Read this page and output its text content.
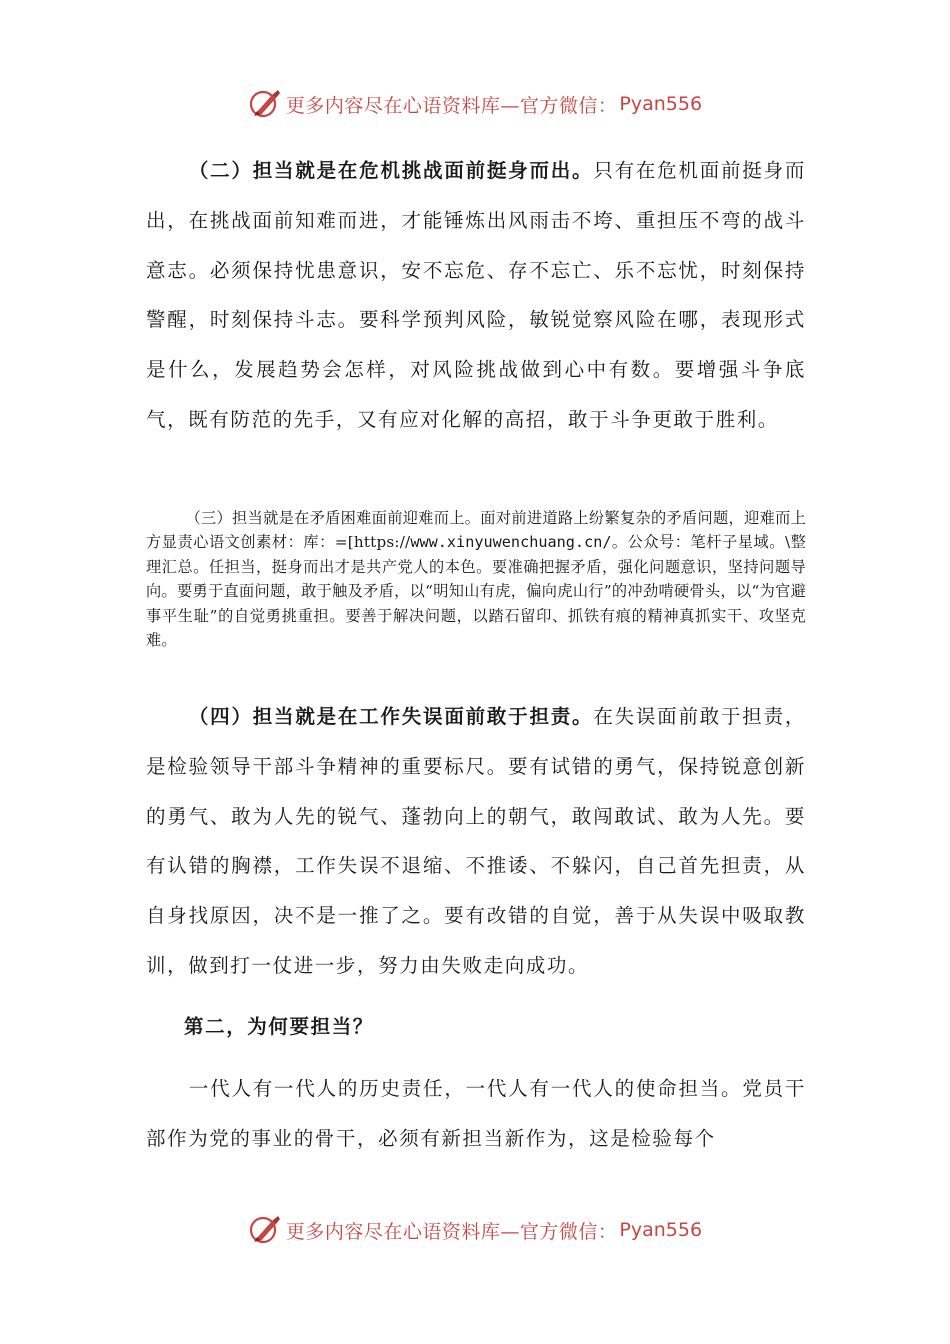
更多内容尽在心语资料库—官方微信： Pyan556

（二）担当就是在危机挑战面前挺身而出。只有在危机面前挺身而出，在挑战面前知难而进，才能锤炼出风雨击不垮、重担压不弯的战斗意志。必须保持忧患意识，安不忘危、存不忘亡、乐不忘忧，时刻保持警醒，时刻保持斗志。要科学预判风险，敏锐觉察风险在哪，表现形式是什么，发展趋势会怎样，对风险挑战做到心中有数。要增强斗争底气，既有防范的先手，又有应对化解的高招，敢于斗争更敢于胜利。

（三）担当就是在矛盾困难面前迎难而上。面对前进道路上纷繁复杂的矛盾问题，迎难而上方显责心语文创素材：库：=[https://www.xinyuwenchuang.cn/。公众号：笔杆子星域。\整理汇总。任担当，挺身而出才是共产党人的本色。要准确把握矛盾，强化问题意识，坚持问题导向。要勇于直面问题，敢于触及矛盾，以“明知山有虎，偏向虎山行”的冲劲啃硬骨头，以“为官避事平生耻”的自觉勇挑重担。要善于解决问题，以踏石留印、抓铁有痕的精神真抓实干、攻坚克难。

（四）担当就是在工作失误面前敢于担责。在失误面前敢于担责，是检验领导干部斗争精神的重要标尺。要有试错的勇气，保持锐意创新的勇气、敢为人先的锐气、蓬勃向上的朝气，敢闯敢试、敢为人先。要有认错的胸襟，工作失误不退缩、不推诿、不躲闪，自己首先担责，从自身找原因，决不是一推了之。要有改错的自觉，善于从失误中吸取教训，做到打一仗进一步，努力由失败走向成功。

第二，为何要担当？

一代人有一代人的历史责任，一代人有一代人的使命担当。党员干部作为党的事业的骨干，必须有新担当新作为，这是检验每个

更多内容尽在心语资料库—官方微信： Pyan556
